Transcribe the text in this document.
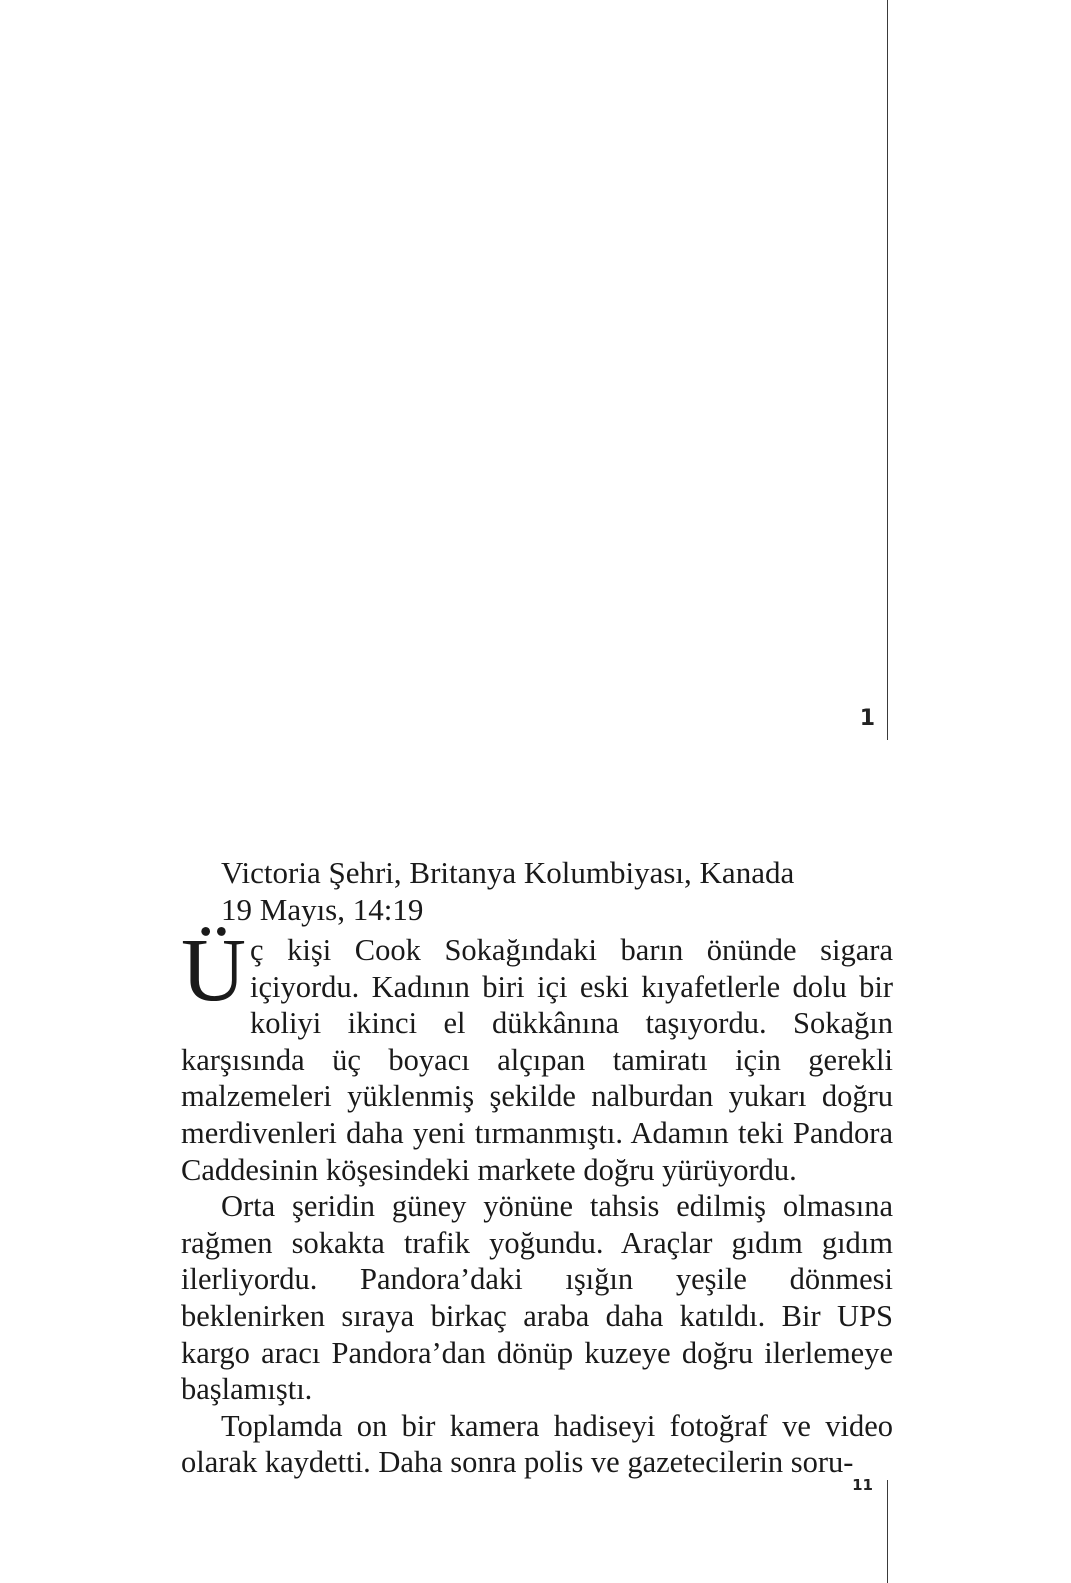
1

Victoria Şehri, Britanya Kolumbiyası, Kanada

19 Mayıs, 14:19

Üç kişi Cook Sokağındaki barın önünde sigara içiyordu. Kadının biri içi eski kıyafetlerle dolu bir koliyi ikinci el dükkânına taşıyordu. Sokağın karşısında üç boyacı alçıpan tamiratı için gerekli malzemeleri yüklenmiş şekilde nalburdan yukarı doğru merdivenleri daha yeni tırmanmıştı. Adamın teki Pandora Caddesinin köşesindeki markete doğru yürüyordu.

Orta şeridin güney yönüne tahsis edilmiş olmasına rağmen sokakta trafik yoğundu. Araçlar gıdım gıdım ilerliyordu. Pandora’daki ışığın yeşile dönmesi beklenirken sıraya birkaç araba daha katıldı. Bir UPS kargo aracı Pandora’dan dönüp kuzeye doğru ilerlemeye başlamıştı.

Toplamda on bir kamera hadiseyi fotoğraf ve video olarak kaydetti. Daha sonra polis ve gazetecilerin soru-

11
